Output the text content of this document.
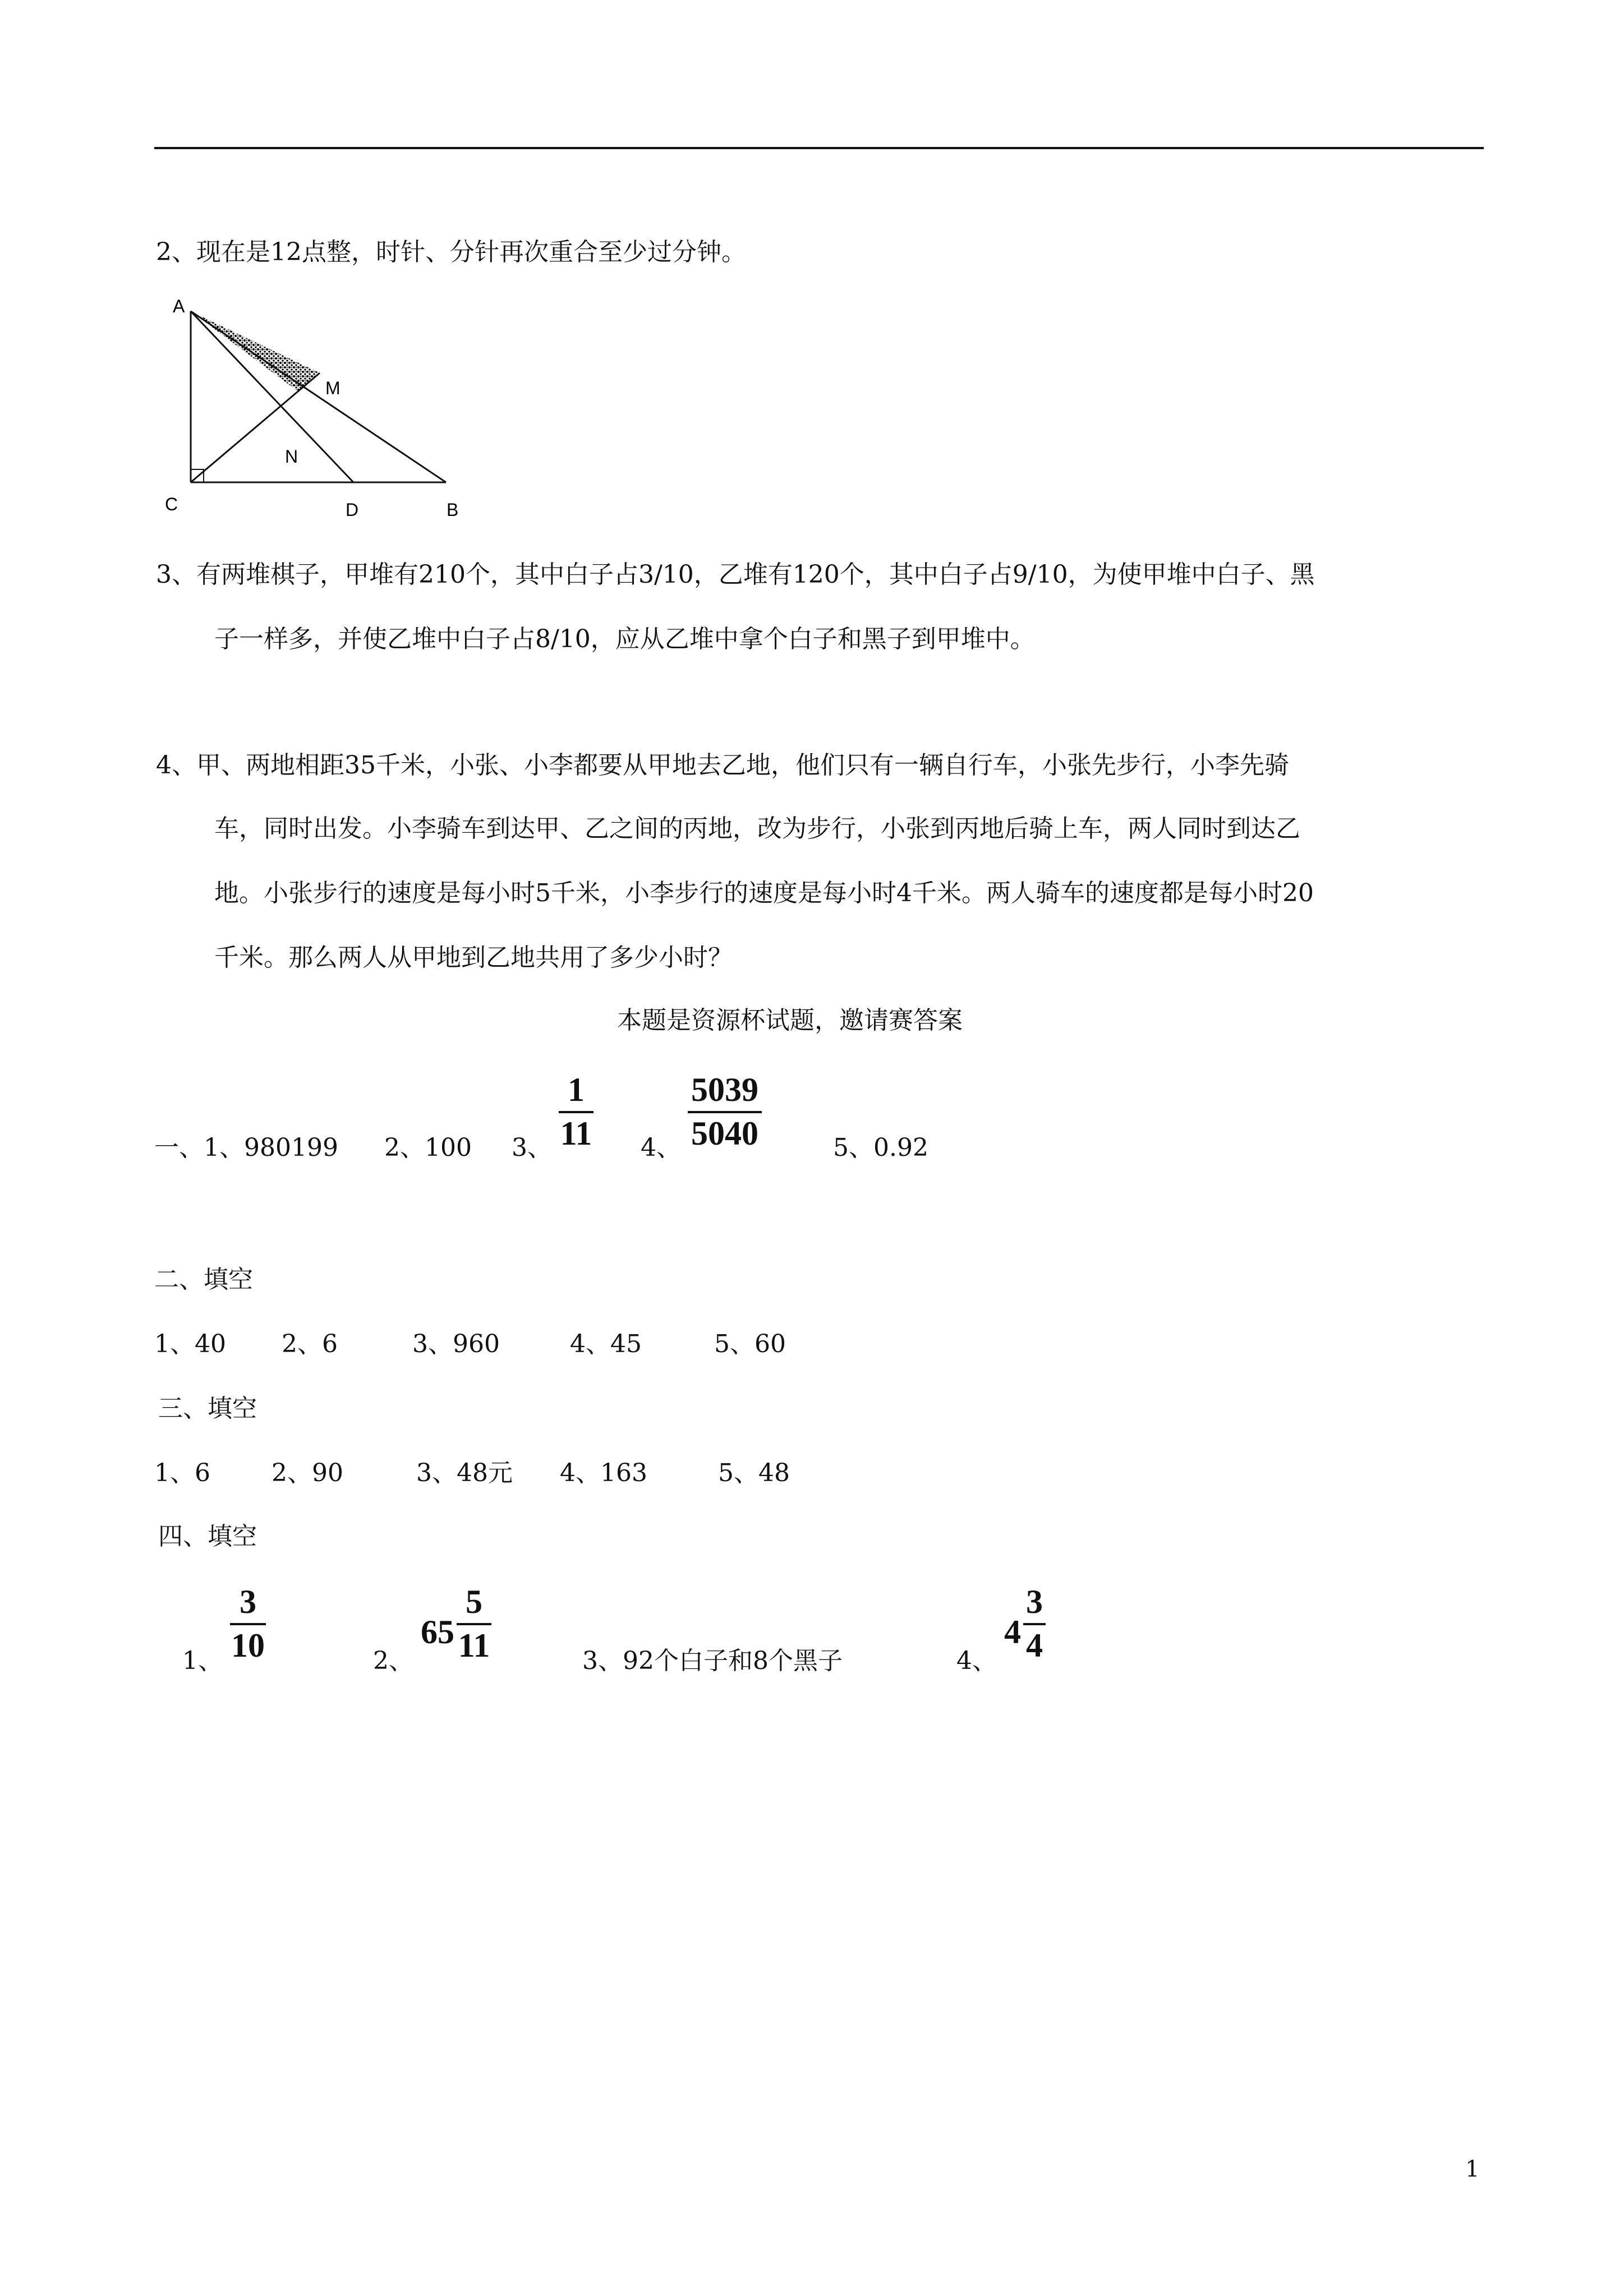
2、现在是12点整，时针、分针再次重合至少过分钟。
A
M
N
C	D	B
3、有两堆棋子，甲堆有210个，其中白子占3/10，乙堆有120个，其中白子占9/10，为使甲堆中白子、黑
子一样多，并使乙堆中白子占8/10，应从乙堆中拿个白子和黑子到甲堆中。
4、甲、两地相距35千米，小张、小李都要从甲地去乙地，他们只有一辆自行车，小张先步行，小李先骑
车，同时出发。小李骑车到达甲、乙之间的丙地，改为步行，小张到丙地后骑上车，两人同时到达乙
地。小张步行的速度是每小时5千米，小李步行的速度是每小时4千米。两人骑车的速度都是每小时20
千米。那么两人从甲地到乙地共用了多少小时？
本题是资源杯试题，邀请赛答案
一、1、980199 2、100 3、
1
11 4、
5039
5040	5、0.92
二、填空
1、40 2、6	3、960	4、45	5、60
三、填空
1、6 2、90	3、48元 4、163	5、48
四、填空
1、
3
10	2、
65
5
11	3、92个白子和8个黑子	4、
4
3
4
1
